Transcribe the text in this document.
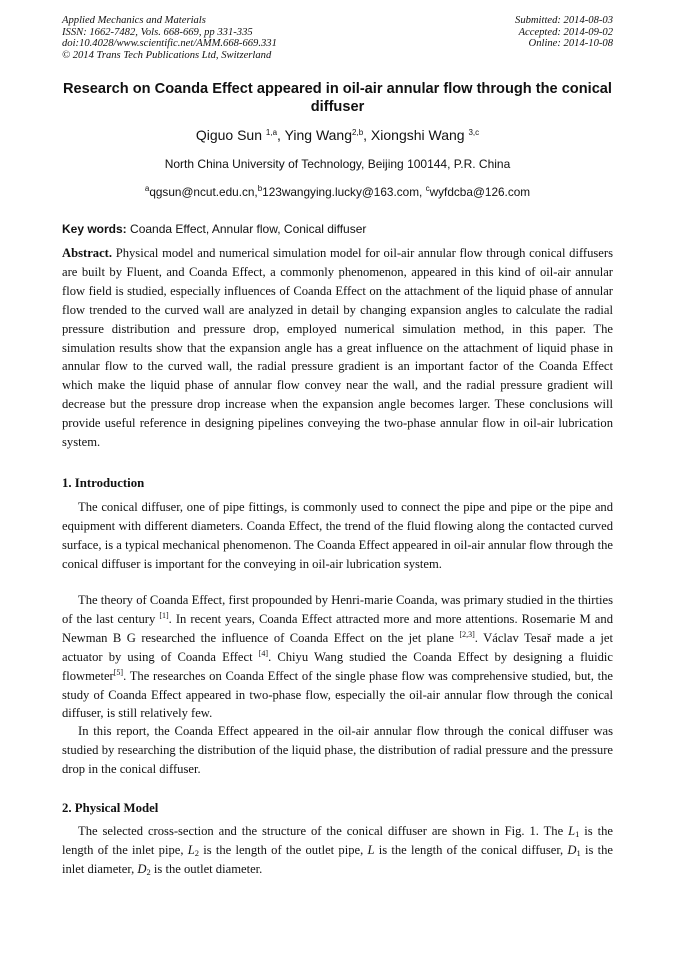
Applied Mechanics and Materials
ISSN: 1662-7482, Vols. 668-669, pp 331-335
doi:10.4028/www.scientific.net/AMM.668-669.331
© 2014 Trans Tech Publications Ltd, Switzerland
Submitted: 2014-08-03
Accepted: 2014-09-02
Online: 2014-10-08
Research on Coanda Effect appeared in oil-air annular flow through the conical diffuser
Qiguo Sun $^{1,a}$, Ying Wang$^{2,b}$, Xiongshi Wang $^{3,c}$
North China University of Technology, Beijing 100144, P.R. China
$^a$qgsun@ncut.edu.cn,$^b$123wangying.lucky@163.com, $^c$wyfdcba@126.com
Key words: Coanda Effect, Annular flow, Conical diffuser
Abstract. Physical model and numerical simulation model for oil-air annular flow through conical diffusers are built by Fluent, and Coanda Effect, a commonly phenomenon, appeared in this kind of oil-air annular flow field is studied, especially influences of Coanda Effect on the attachment of the liquid phase of annular flow trended to the curved wall are analyzed in detail by changing expansion angles to calculate the radial pressure distribution and pressure drop, employed numerical simulation method, in this paper. The simulation results show that the expansion angle has a great influence on the attachment of liquid phase in annular flow to the curved wall, the radial pressure gradient is an important factor of the Coanda Effect which make the liquid phase of annular flow convey near the wall, and the radial pressure gradient will decrease but the pressure drop increase when the expansion angle becomes larger. These conclusions will provide useful reference in designing pipelines conveying the two-phase annular flow in oil-air lubrication system.
1. Introduction
The conical diffuser, one of pipe fittings, is commonly used to connect the pipe and pipe or the pipe and equipment with different diameters. Coanda Effect, the trend of the fluid flowing along the contacted curved surface, is a typical mechanical phenomenon. The Coanda Effect appeared in oil-air annular flow through the conical diffuser is important for the conveying in oil-air lubrication system.
The theory of Coanda Effect, first propounded by Henri-marie Coanda, was primary studied in the thirties of the last century [1]. In recent years, Coanda Effect attracted more and more attentions. Rosemarie M and Newman B G researched the influence of Coanda Effect on the jet plane [2,3]. Václav Tesař made a jet actuator by using of Coanda Effect [4]. Chiyu Wang studied the Coanda Effect by designing a fluidic flowmeter[5]. The researches on Coanda Effect of the single phase flow was comprehensive studied, but, the study of Coanda Effect appeared in two-phase flow, especially the oil-air annular flow through the conical diffuser, is still relatively few.
In this report, the Coanda Effect appeared in the oil-air annular flow through the conical diffuser was studied by researching the distribution of the liquid phase, the distribution of radial pressure and the pressure drop in the conical diffuser.
2. Physical Model
The selected cross-section and the structure of the conical diffuser are shown in Fig. 1. The $L_1$ is the length of the inlet pipe, $L_2$ is the length of the outlet pipe, L is the length of the conical diffuser, $D_1$ is the inlet diameter, $D_2$ is the outlet diameter.
